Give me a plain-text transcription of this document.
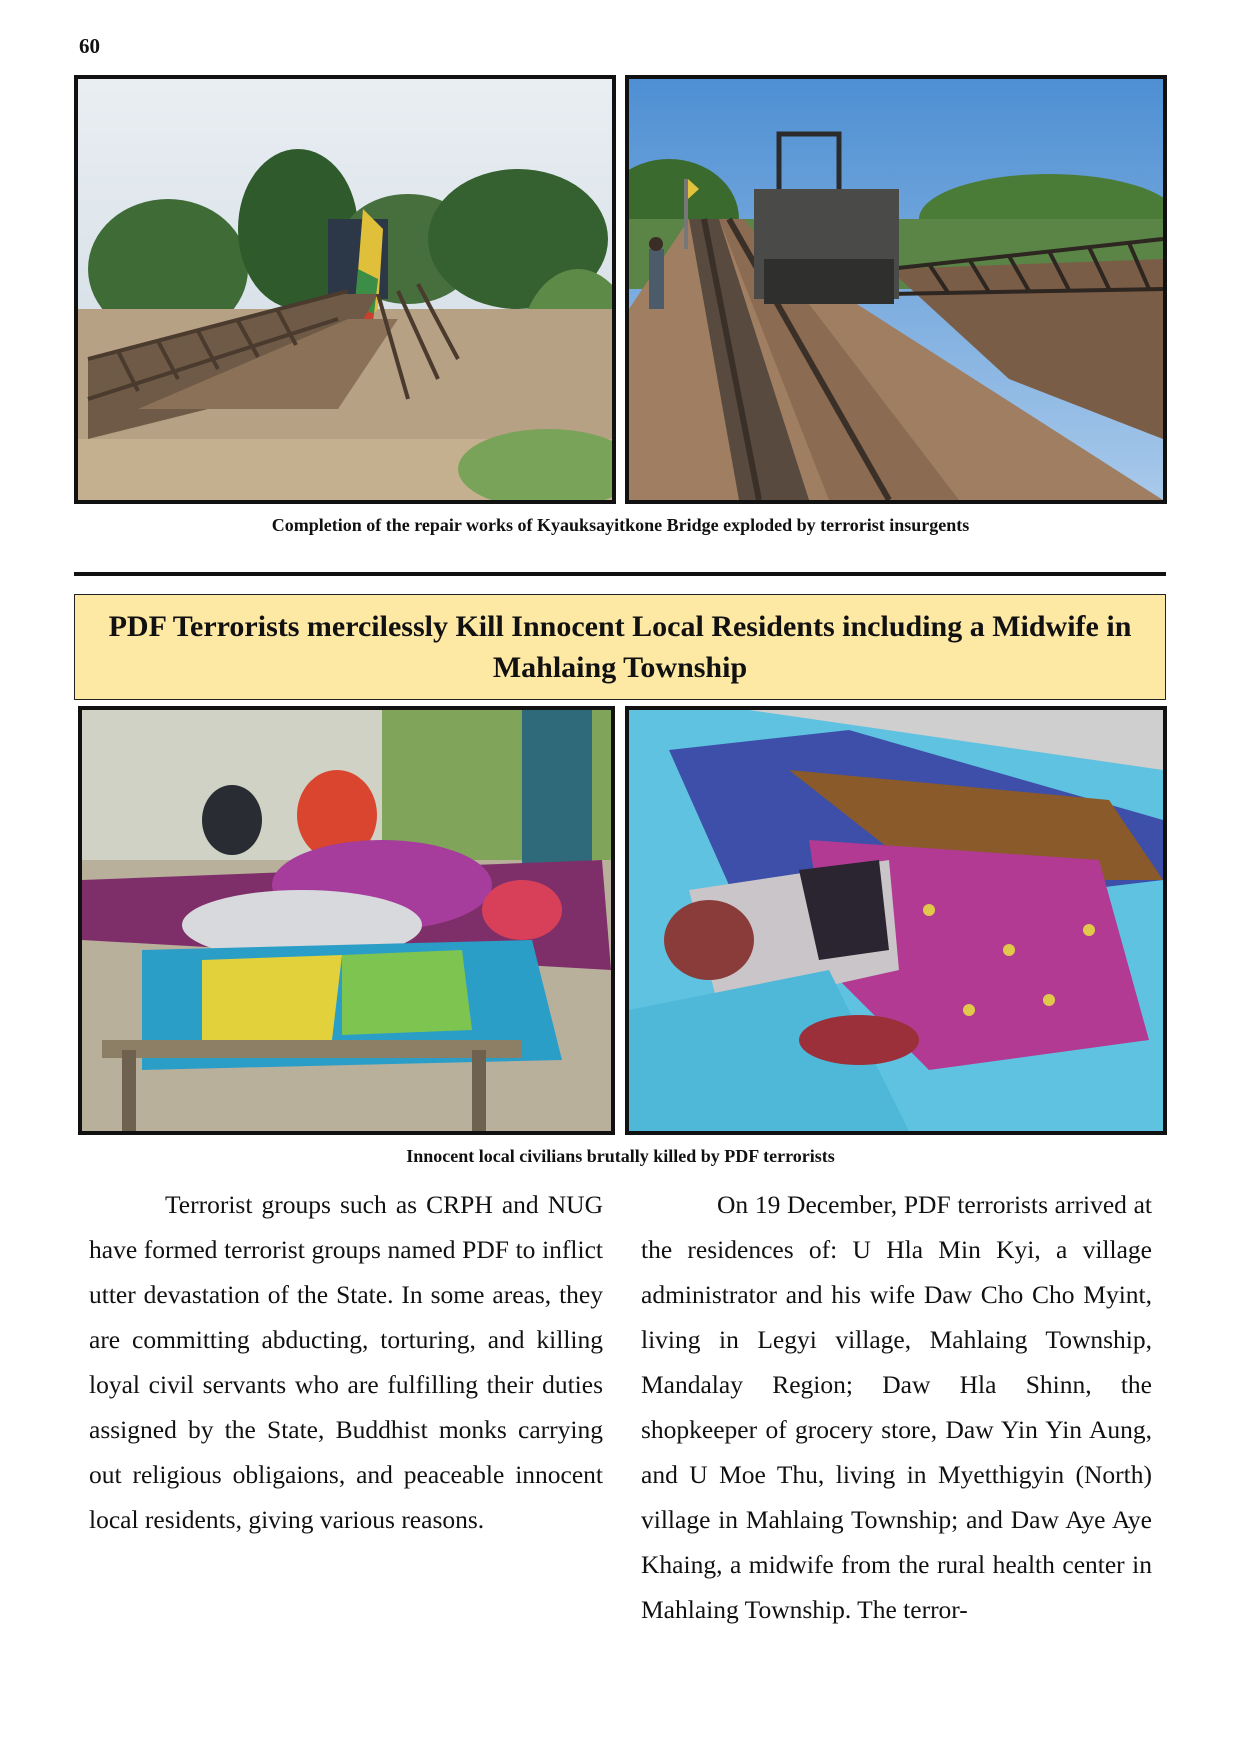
60
Completion of the repair works of Kyauksayitkone Bridge exploded by terrorist insurgents
PDF Terrorists mercilessly Kill Innocent Local Residents including a Midwife in Mahlaing Township
Innocent local civilians brutally killed by PDF terrorists

Terrorist groups such as CRPH and NUG have formed terrorist groups named PDF to inflict utter devastation of the State. In some areas, they are committing abducting, torturing, and killing loyal civil servants who are fulfilling their duties assigned by the State, Buddhist monks carrying out religious obligaions, and peaceable innocent local residents, giving various reasons.

On 19 December, PDF terrorists arrived at the residences of: U Hla Min Kyi, a village administrator and his wife Daw Cho Cho Myint, living in Legyi village, Mahlaing Township, Mandalay Region; Daw Hla Shinn, the shopkeeper of grocery store, Daw Yin Yin Aung, and U Moe Thu, living in Myetthigyin (North) village in Mahlaing Township; and Daw Aye Aye Khaing, a midwife from the rural health center in Mahlaing Township. The terror-
